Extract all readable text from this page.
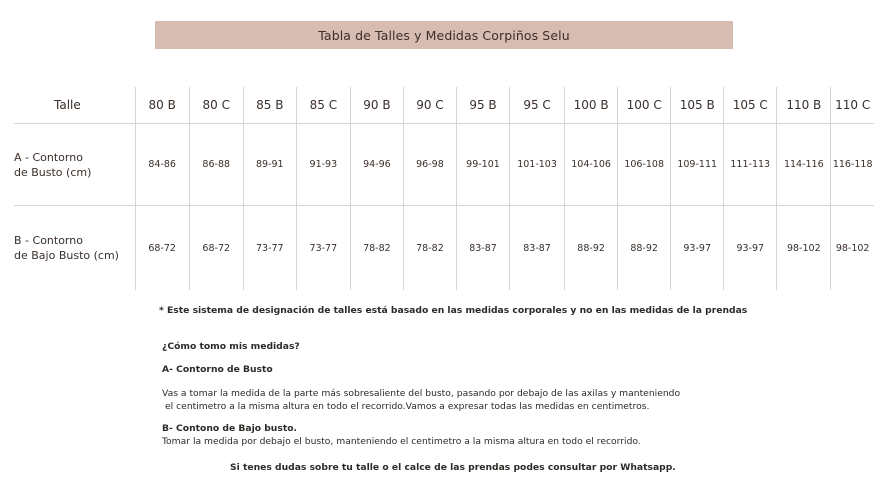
Tabla de Talles y Medidas Corpiños Selu
Talle	80 B	80 C	85 B	85 C	90 B	90 C	95 B	95 C	100 B	100 C	105 B	105 C	110 B	110 C
A - Contorno
de Busto (cm)	84-86	86-88	89-91	91-93	94-96	96-98	99-101	101-103	104-106	106-108	109-111	111-113	114-116	116-118
B - Contorno
de Bajo Busto (cm)	68-72	68-72	73-77	73-77	78-82	78-82	83-87	83-87	88-92	88-92	93-97	93-97	98-102	98-102
* Este sistema de designación de talles está basado en las medidas corporales y no en las medidas de la prendas
¿Cómo tomo mis medidas?
A- Contorno de Busto
Vas a tomar la medida de la parte más sobresaliente del busto, pasando por debajo de las axilas y manteniendo
el centimetro a la misma altura en todo el recorrido.Vamos a expresar todas las medidas en centimetros.
B- Contono de Bajo busto.
Tomar la medida por debajo el busto, manteniendo el centimetro a la misma altura en todo el recorrido.
Si tenes dudas sobre tu talle o el calce de las prendas podes consultar por Whatsapp.
